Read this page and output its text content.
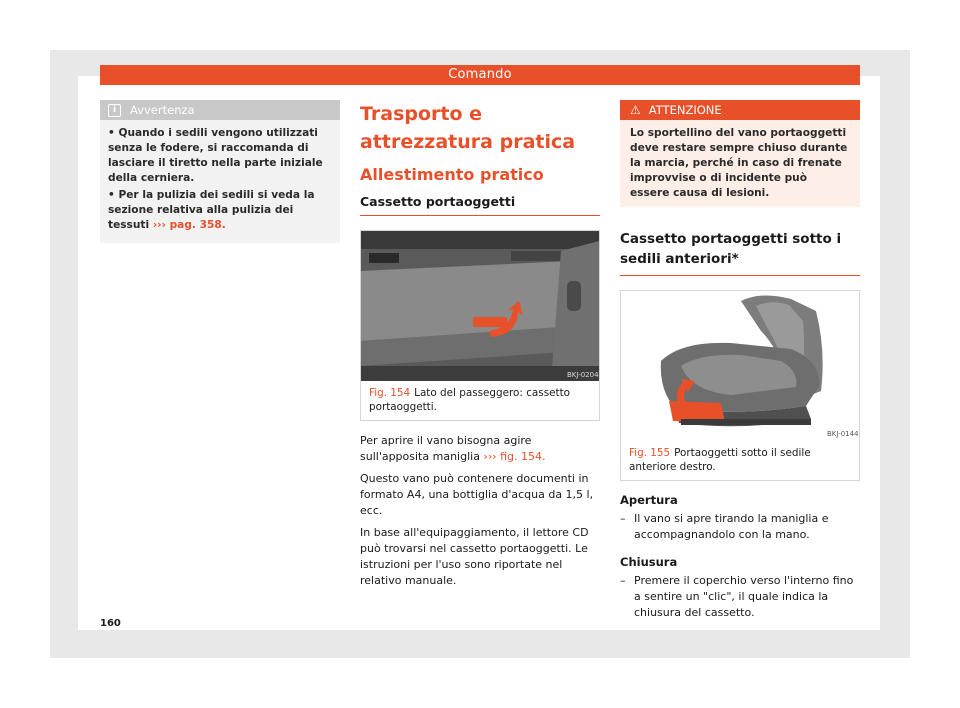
Comando
i	Avvertenza

• Quando i sedili vengono utilizzati senza le fodere, si raccomanda di lasciare il tiretto nella parte iniziale della cerniera.

• Per la pulizia dei sedili si veda la sezione relativa alla pulizia dei tessuti ››› pag. 358.

Trasporto e attrezzatura pratica
Allestimento pratico
Cassetto portaoggetti
BKJ-0204
Fig. 154 Lato del passeggero: cassetto portaoggetti.

Per aprire il vano bisogna agire sull'apposita maniglia ››› fig. 154.

Questo vano può contenere documenti in formato A4, una bottiglia d'acqua da 1,5 l, ecc.

In base all'equipaggiamento, il lettore CD può trovarsi nel cassetto portaoggetti. Le istruzioni per l'uso sono riportate nel relativo manuale.

⚠ ATTENZIONE
Lo sportellino del vano portaoggetti deve restare sempre chiuso durante la marcia, perché in caso di frenate improvvise o di incidente può essere causa di lesioni.
Cassetto portaoggetti sotto i sedili anteriori*
BKJ-0144
Fig. 155 Portaoggetti sotto il sedile anteriore destro.
Apertura
– Il vano si apre tirando la maniglia e accompagnandolo con la mano.
Chiusura
– Premere il coperchio verso l'interno fino a sentire un "clic", il quale indica la chiusura del cassetto.
160
